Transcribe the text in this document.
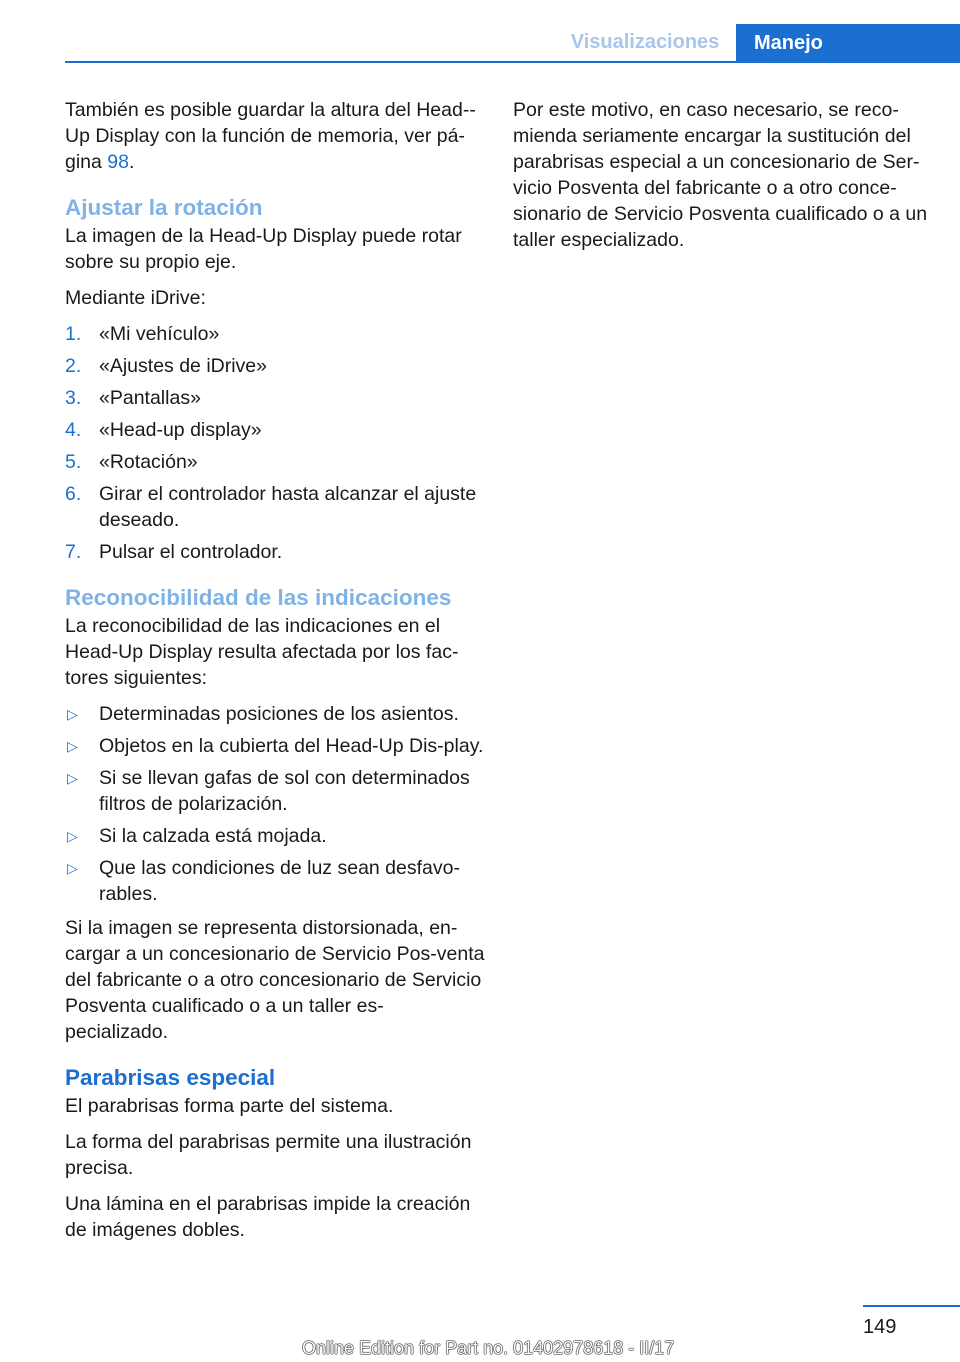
Visualizaciones	Manejo

También es posible guardar la altura del Head--Up Display con la función de memoria, ver pá-gina 98.

Ajustar la rotación

La imagen de la Head-Up Display puede rotar sobre su propio eje.

Mediante iDrive:

1. «Mi vehículo»
2. «Ajustes de iDrive»
3. «Pantallas»
4. «Head-up display»
5. «Rotación»
6. Girar el controlador hasta alcanzar el ajuste deseado.
7. Pulsar el controlador.
Reconocibilidad de las indicaciones

La reconocibilidad de las indicaciones en el Head-Up Display resulta afectada por los fac-tores siguientes:

▷	Determinadas posiciones de los asientos.
▷	Objetos en la cubierta del Head-Up Dis-play.
▷	Si se llevan gafas de sol con determinados filtros de polarización.
▷	Si la calzada está mojada.
▷	Que las condiciones de luz sean desfavo-rables.

Si la imagen se representa distorsionada, en-cargar a un concesionario de Servicio Pos-venta del fabricante o a otro concesionario de Servicio Posventa cualificado o a un taller es-pecializado.

Parabrisas especial

El parabrisas forma parte del sistema.

La forma del parabrisas permite una ilustración precisa.

Una lámina en el parabrisas impide la creación de imágenes dobles.

Por este motivo, en caso necesario, se reco-mienda seriamente encargar la sustitución del parabrisas especial a un concesionario de Ser-vicio Posventa del fabricante o a otro conce-sionario de Servicio Posventa cualificado o a un taller especializado.

149
Online Edition for Part no. 01402978618 - II/17
